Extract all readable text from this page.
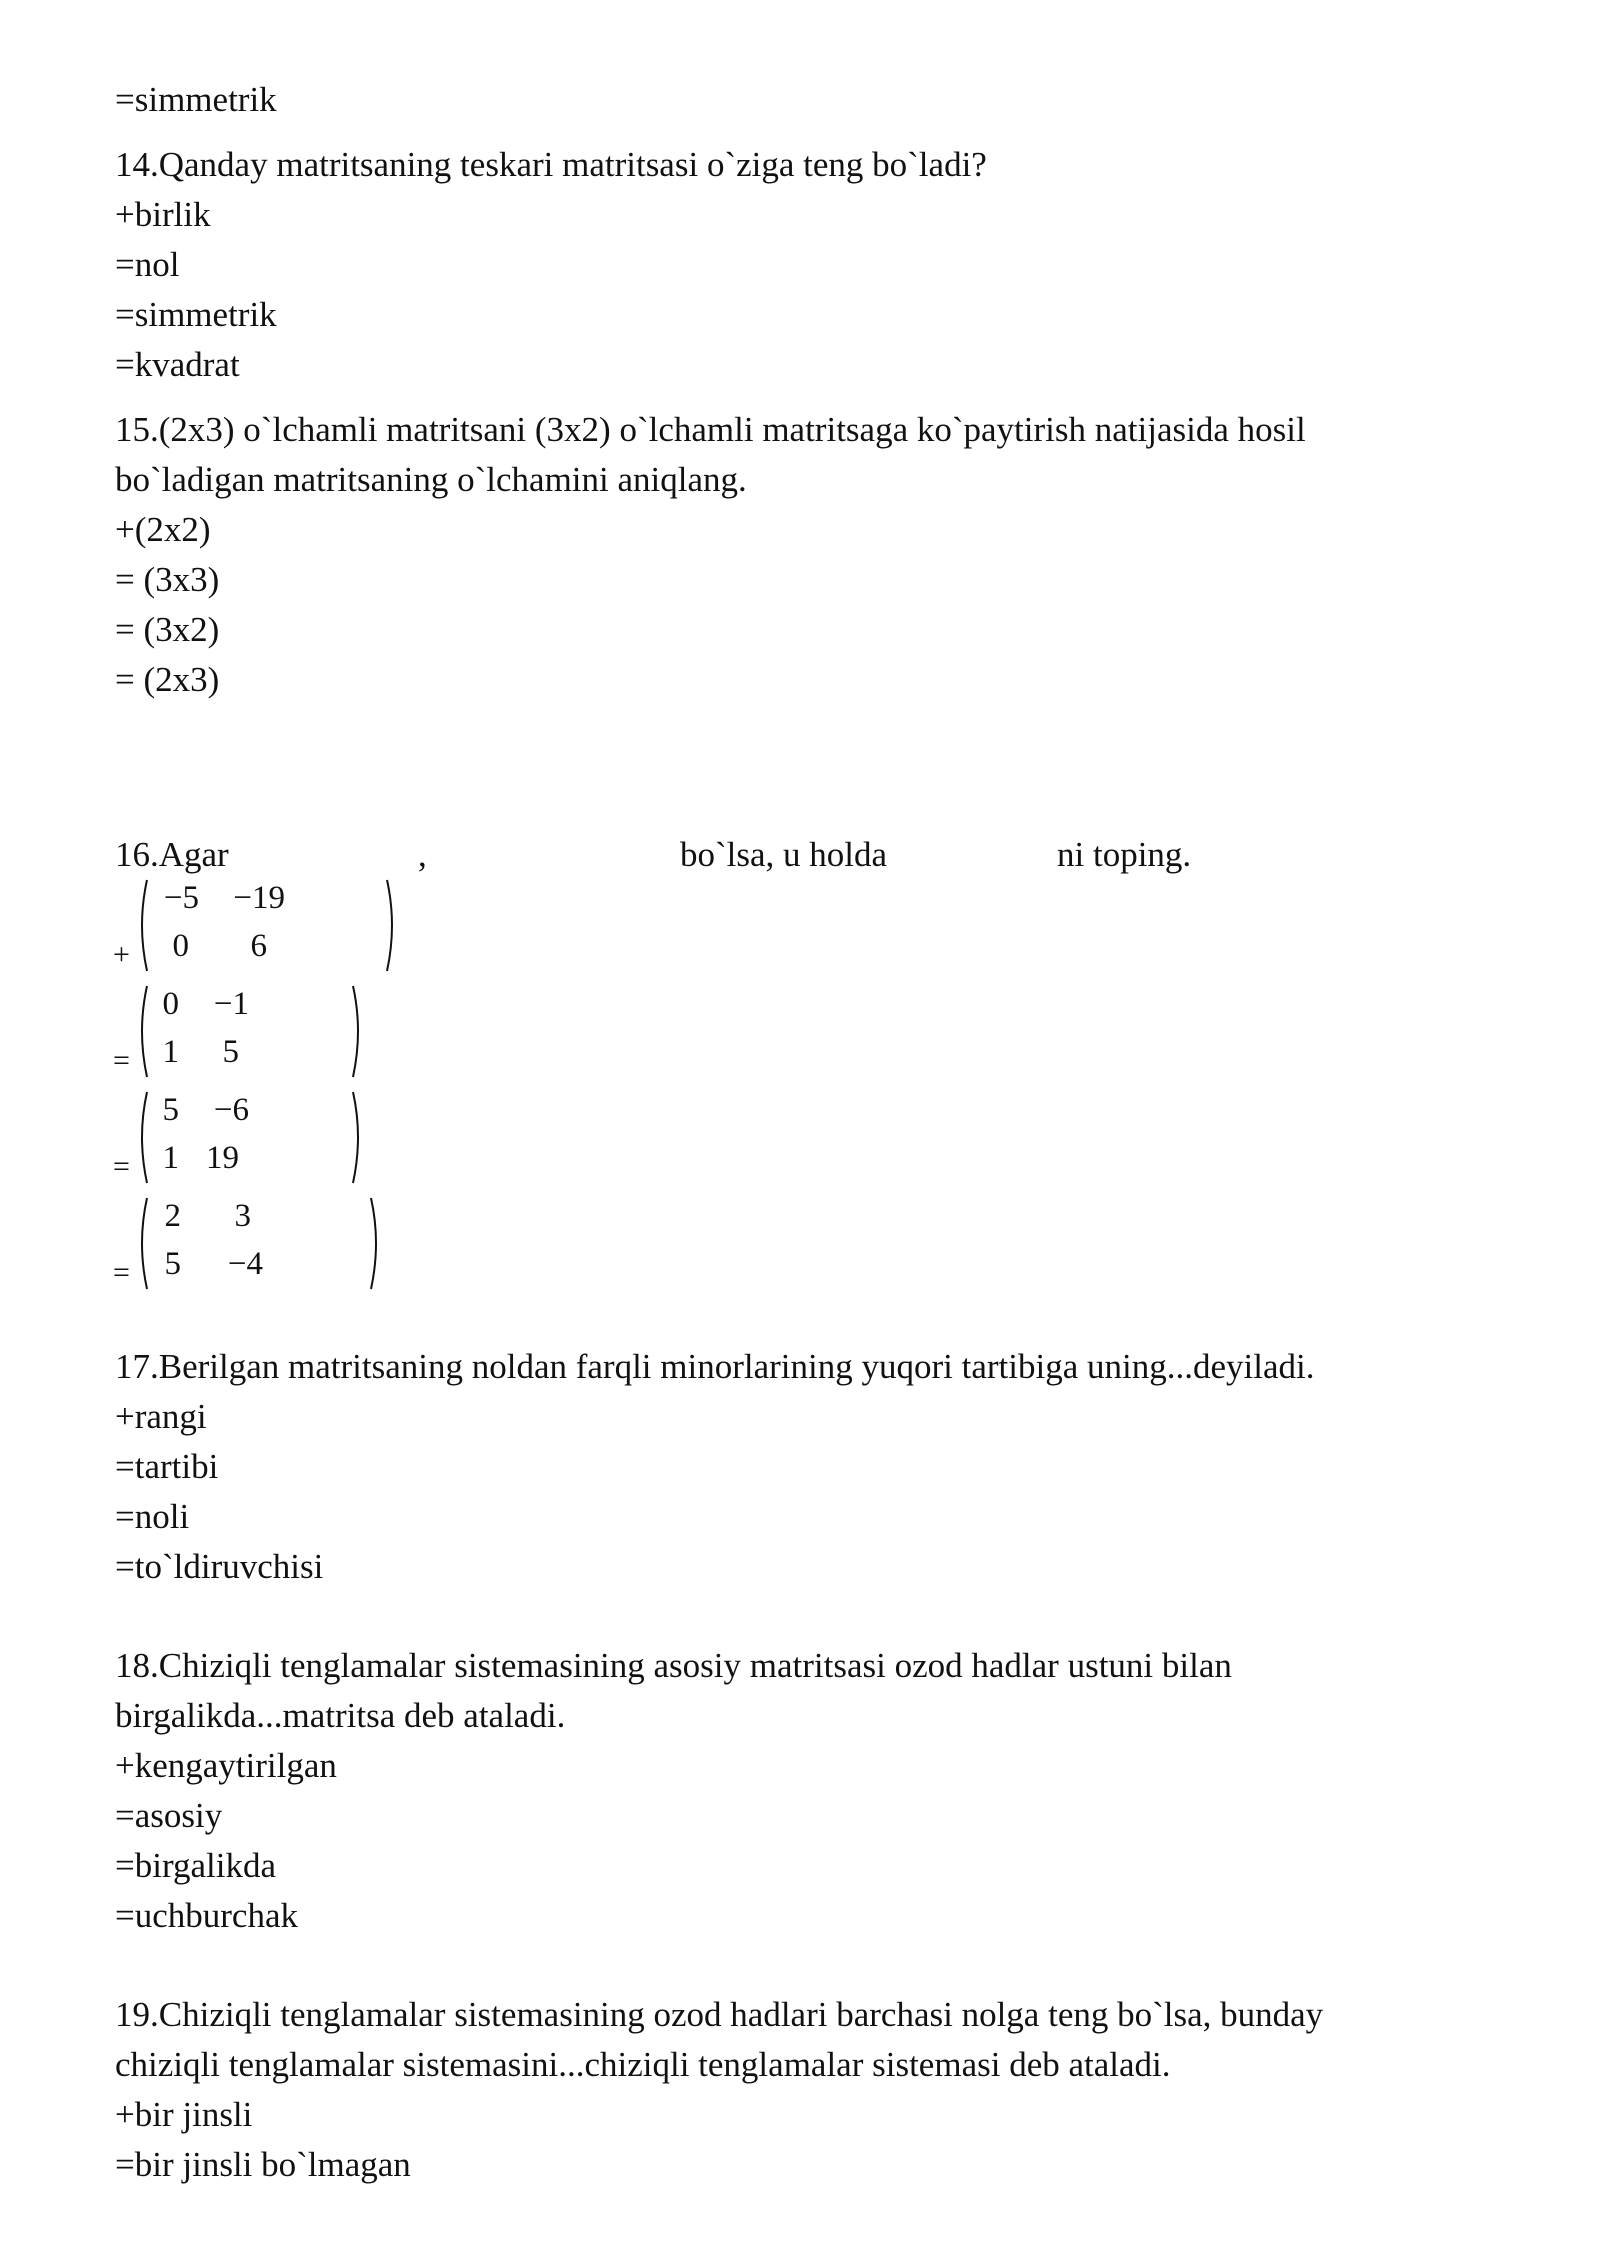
=simmetrik
14.Qanday matritsaning teskari matritsasi o`ziga teng bo`ladi?
+birlik
=nol
=simmetrik
=kvadrat
15.(2x3) o`lchamli matritsani (3x2) o`lchamli matritsaga ko`paytirish natijasida hosil
bo`ladigan matritsaning o`lchamini aniqlang.
+(2x2)
= (3x3)
= (3x2)
= (2x3)
16.Agar	,	bo`lsa, u holda	ni toping.
+
−5	−19
0	6
=
0	−1
1	5
=
5	−6
1 19
=
2	3
5	−4
17.Berilgan matritsaning noldan farqli minorlarining yuqori tartibiga uning...deyiladi.
+rangi
=tartibi
=noli
=to`ldiruvchisi
18.Chiziqli tenglamalar sistemasining asosiy matritsasi ozod hadlar ustuni bilan
birgalikda...matritsa deb ataladi.
+kengaytirilgan
=asosiy
=birgalikda
=uchburchak
19.Chiziqli tenglamalar sistemasining ozod hadlari barchasi nolga teng bo`lsa, bunday
chiziqli tenglamalar sistemasini...chiziqli tenglamalar sistemasi deb ataladi.
+bir jinsli
=bir jinsli bo`lmagan
